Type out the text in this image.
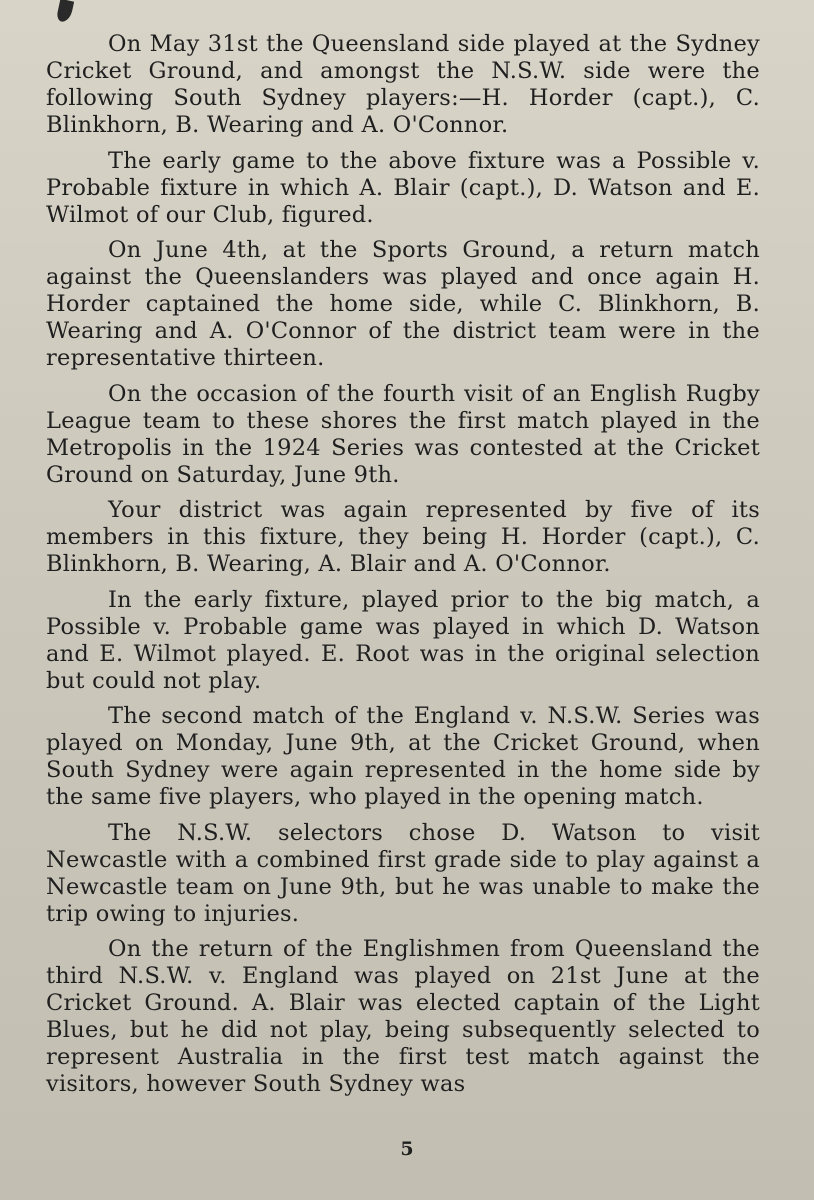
On May 31st the Queensland side played at the Sydney Cricket Ground, and amongst the N.S.W. side were the following South Sydney players:—H. Horder (capt.), C. Blinkhorn, B. Wearing and A. O'Connor.

The early game to the above fixture was a Possible v. Probable fixture in which A. Blair (capt.), D. Watson and E. Wilmot of our Club, figured.

On June 4th, at the Sports Ground, a return match against the Queenslanders was played and once again H. Horder captained the home side, while C. Blinkhorn, B. Wearing and A. O'Connor of the district team were in the representative thirteen.

On the occasion of the fourth visit of an English Rugby League team to these shores the first match played in the Metropolis in the 1924 Series was contested at the Cricket Ground on Saturday, June 9th.

Your district was again represented by five of its members in this fixture, they being H. Horder (capt.), C. Blinkhorn, B. Wearing, A. Blair and A. O'Connor.

In the early fixture, played prior to the big match, a Possible v. Probable game was played in which D. Watson and E. Wilmot played. E. Root was in the original selection but could not play.

The second match of the England v. N.S.W. Series was played on Monday, June 9th, at the Cricket Ground, when South Sydney were again represented in the home side by the same five players, who played in the opening match.

The N.S.W. selectors chose D. Watson to visit Newcastle with a combined first grade side to play against a Newcastle team on June 9th, but he was unable to make the trip owing to injuries.

On the return of the Englishmen from Queensland the third N.S.W. v. England was played on 21st June at the Cricket Ground. A. Blair was elected captain of the Light Blues, but he did not play, being subsequently selected to represent Australia in the first test match against the visitors, however South Sydney was

5
